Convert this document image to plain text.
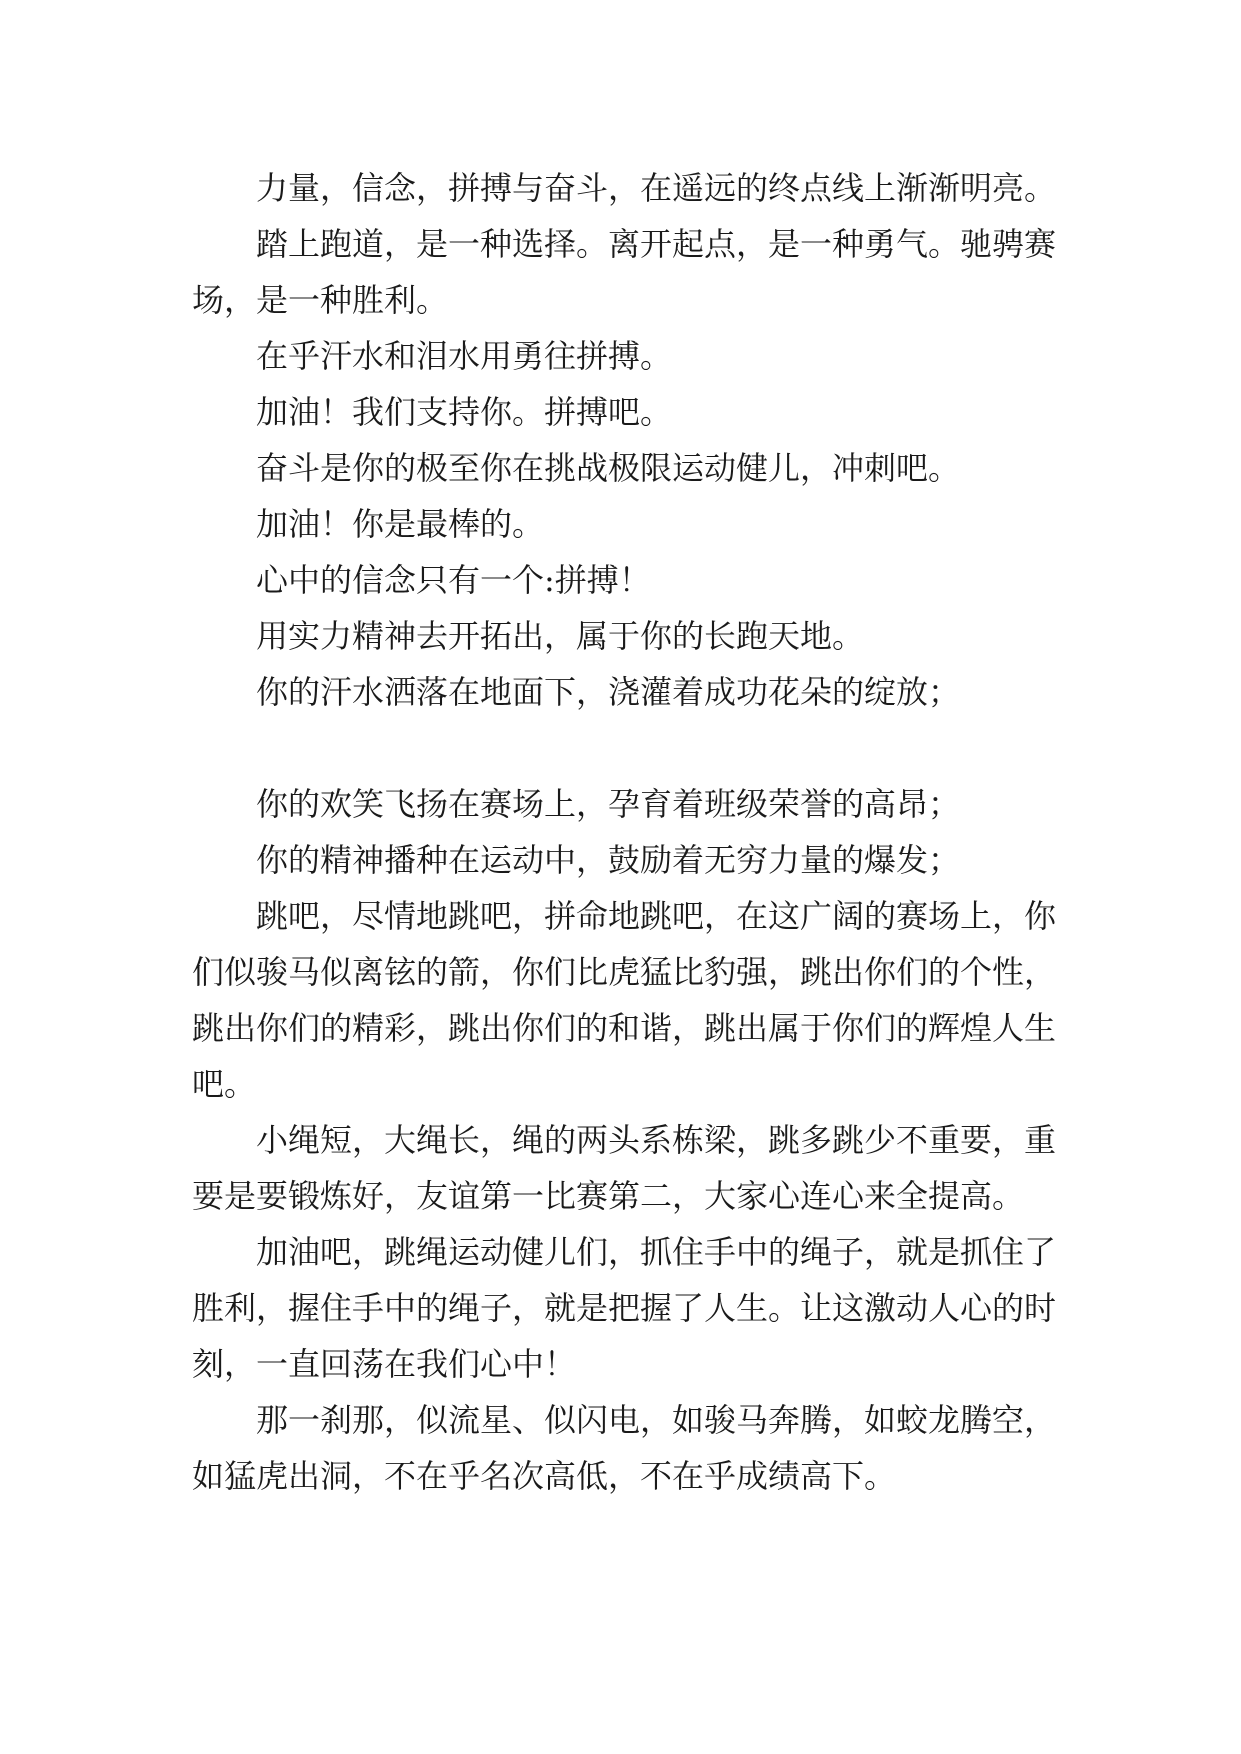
力量，信念，拼搏与奋斗，在遥远的终点线上渐渐明亮。

踏上跑道，是一种选择。离开起点，是一种勇气。驰骋赛场，是一种胜利。

在乎汗水和泪水用勇往拼搏。

加油！我们支持你。拼搏吧。

奋斗是你的极至你在挑战极限运动健儿，冲刺吧。

加油！你是最棒的。

心中的信念只有一个:拼搏！

用实力精神去开拓出，属于你的长跑天地。

你的汗水洒落在地面下，浇灌着成功花朵的绽放；

你的欢笑飞扬在赛场上，孕育着班级荣誉的高昂；

你的精神播种在运动中，鼓励着无穷力量的爆发；

跳吧，尽情地跳吧，拼命地跳吧，在这广阔的赛场上，你们似骏马似离铉的箭，你们比虎猛比豹强，跳出你们的个性，跳出你们的精彩，跳出你们的和谐，跳出属于你们的辉煌人生吧。

小绳短，大绳长，绳的两头系栋梁，跳多跳少不重要，重要是要锻炼好，友谊第一比赛第二，大家心连心来全提高。

加油吧，跳绳运动健儿们，抓住手中的绳子，就是抓住了胜利，握住手中的绳子，就是把握了人生。让这激动人心的时刻，一直回荡在我们心中！

那一刹那，似流星、似闪电，如骏马奔腾，如蛟龙腾空，如猛虎出洞，不在乎名次高低，不在乎成绩高下。
